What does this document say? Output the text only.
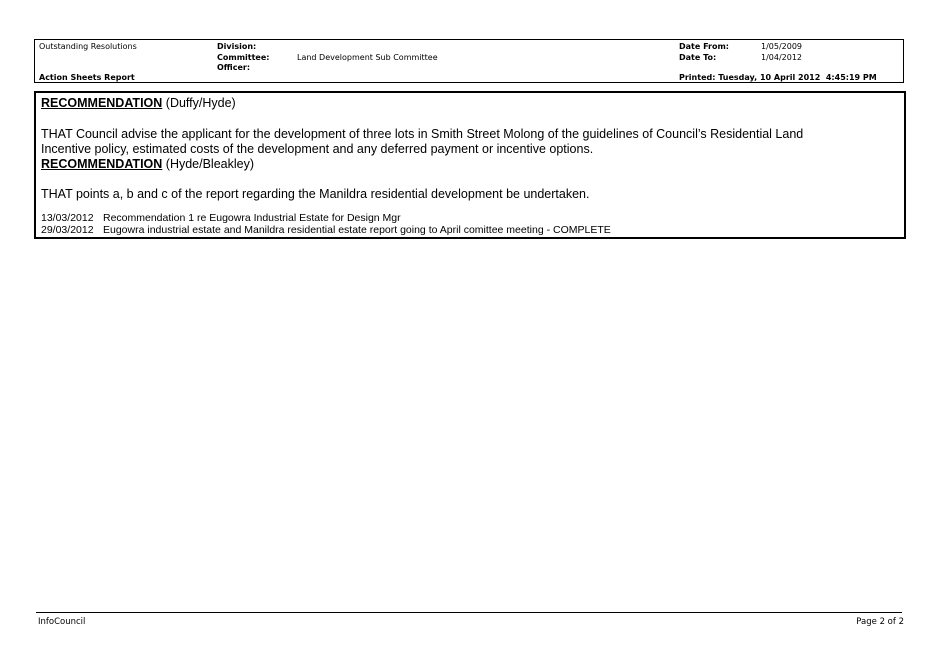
Outstanding Resolutions
Action Sheets Report
Division:
Committee:	Land Development Sub Committee
Officer:
Date From:	1/05/2009
Date To:	1/04/2012
Printed: Tuesday, 10 April 2012  4:45:19 PM
RECOMMENDATION (Duffy/Hyde)
THAT Council advise the applicant for the development of three lots in Smith Street Molong of the guidelines of Council’s Residential Land
Incentive policy, estimated costs of the development and any deferred payment or incentive options.
RECOMMENDATION (Hyde/Bleakley)
THAT points a, b and c of the report regarding the Manildra residential development be undertaken.
13/03/2012 Recommendation 1 re Eugowra Industrial Estate for Design Mgr
29/03/2012 Eugowra industrial estate and Manildra residential estate report going to April comittee meeting - COMPLETE
InfoCouncil	Page 2 of 2
